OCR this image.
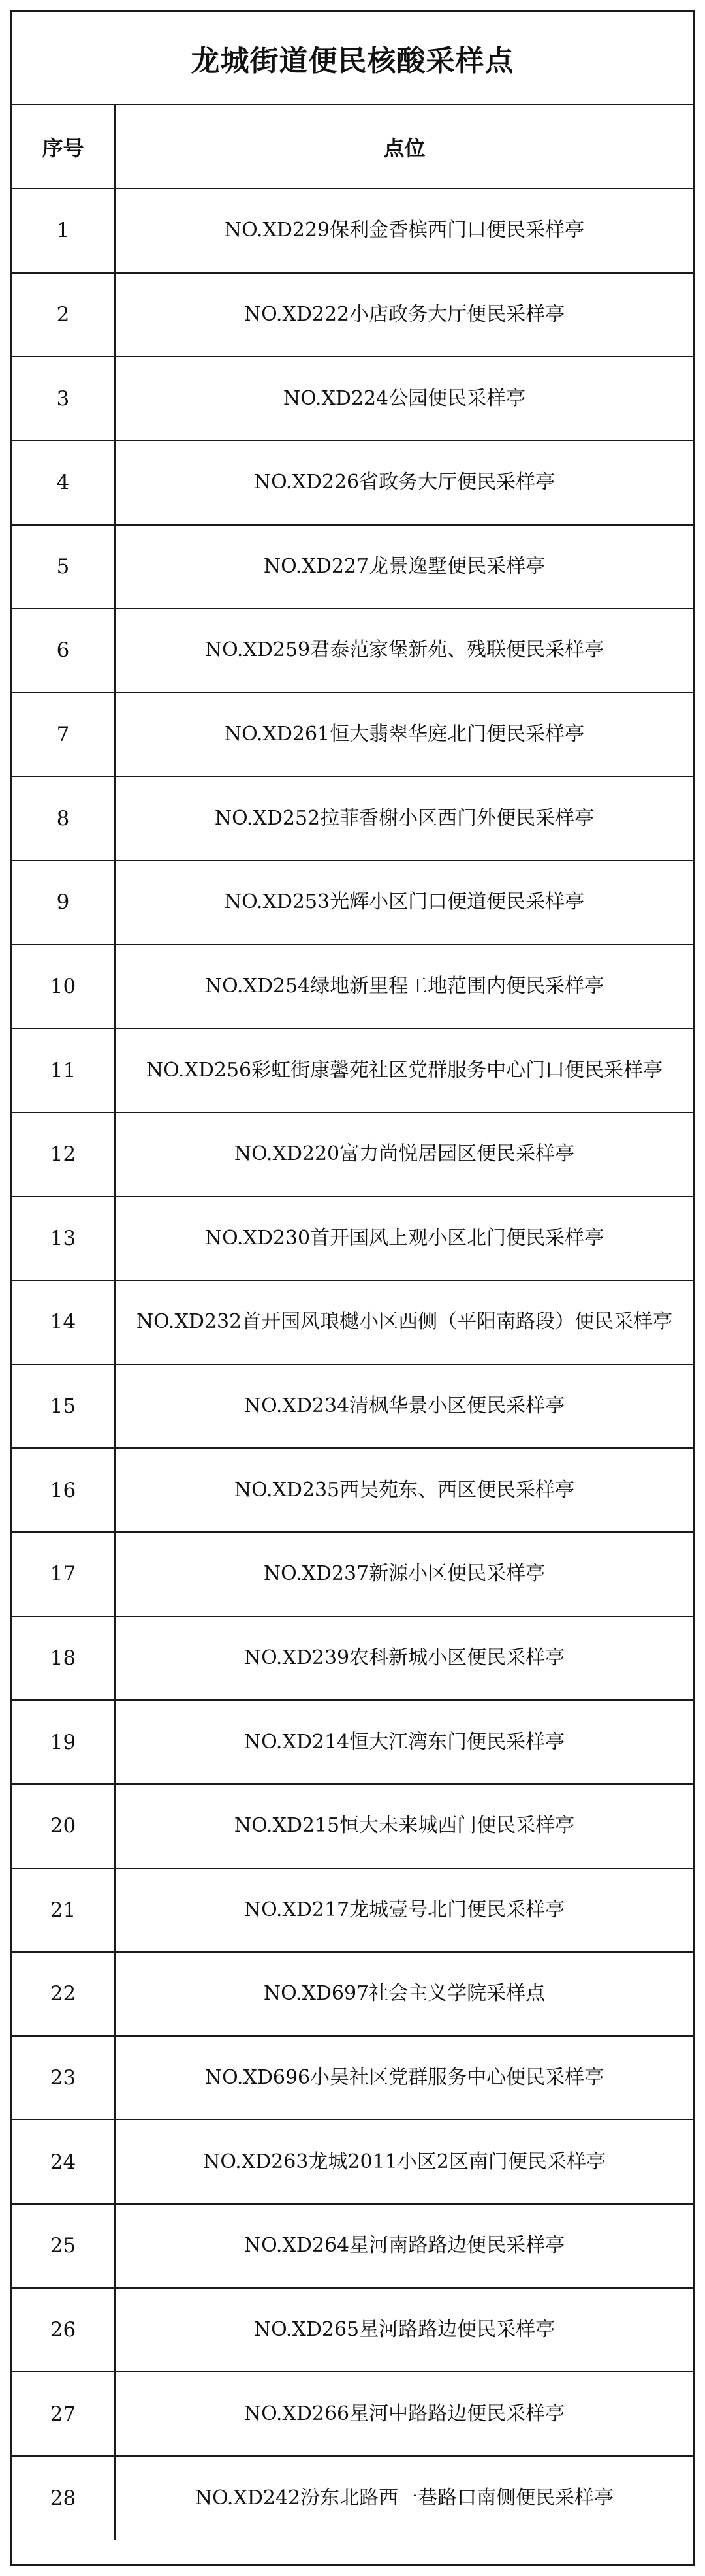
龙城街道便民核酸采样点
序号	点位
1	NO.XD229保利金香槟西门口便民采样亭
2	NO.XD222小店政务大厅便民采样亭
3	NO.XD224公园便民采样亭
4	NO.XD226省政务大厅便民采样亭
5	NO.XD227龙景逸墅便民采样亭
6	NO.XD259君泰范家堡新苑、残联便民采样亭
7	NO.XD261恒大翡翠华庭北门便民采样亭
8	NO.XD252拉菲香榭小区西门外便民采样亭
9	NO.XD253光辉小区门口便道便民采样亭
10	NO.XD254绿地新里程工地范围内便民采样亭
11	NO.XD256彩虹街康馨苑社区党群服务中心门口便民采样亭
12	NO.XD220富力尚悦居园区便民采样亭
13	NO.XD230首开国风上观小区北门便民采样亭
14	NO.XD232首开国风琅樾小区西侧（平阳南路段）便民采样亭
15	NO.XD234清枫华景小区便民采样亭
16	NO.XD235西吴苑东、西区便民采样亭
17	NO.XD237新源小区便民采样亭
18	NO.XD239农科新城小区便民采样亭
19	NO.XD214恒大江湾东门便民采样亭
20	NO.XD215恒大未来城西门便民采样亭
21	NO.XD217龙城壹号北门便民采样亭
22	NO.XD697社会主义学院采样点
23	NO.XD696小吴社区党群服务中心便民采样亭
24	NO.XD263龙城2011小区2区南门便民采样亭
25	NO.XD264星河南路路边便民采样亭
26	NO.XD265星河路路边便民采样亭
27	NO.XD266星河中路路边便民采样亭
28	NO.XD242汾东北路西一巷路口南侧便民采样亭
